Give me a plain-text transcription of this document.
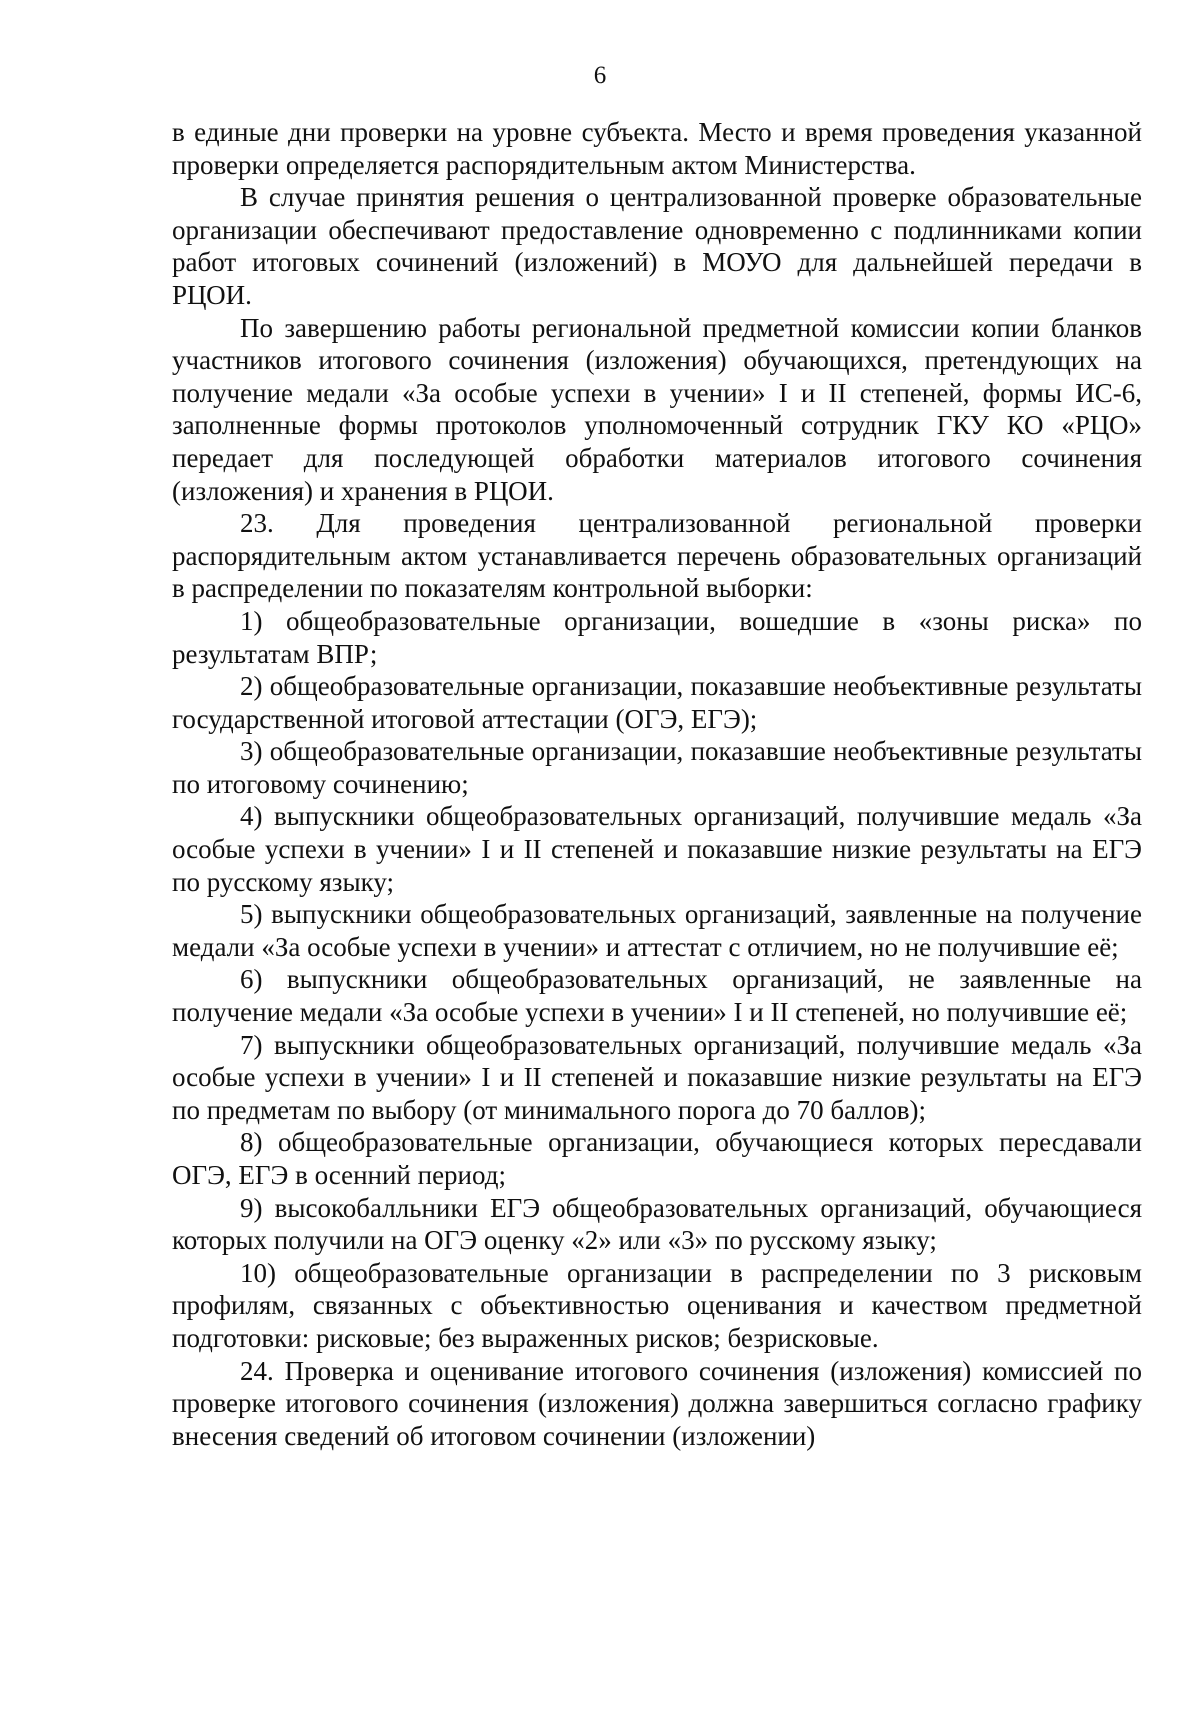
6

в единые дни проверки на уровне субъекта. Место и время проведения указанной проверки определяется распорядительным актом Министерства.

В случае принятия решения о централизованной проверке образовательные организации обеспечивают предоставление одновременно с подлинниками копии работ итоговых сочинений (изложений) в МОУО для дальнейшей передачи в РЦОИ.

По завершению работы региональной предметной комиссии копии бланков участников итогового сочинения (изложения) обучающихся, претендующих на получение медали «За особые успехи в учении» I и II степеней, формы ИС-6, заполненные формы протоколов уполномоченный сотрудник ГКУ КО «РЦО» передает для последующей обработки материалов итогового сочинения (изложения) и хранения в РЦОИ.

23. Для проведения централизованной региональной проверки распорядительным актом устанавливается перечень образовательных организаций в распределении по показателям контрольной выборки:

1) общеобразовательные организации, вошедшие в «зоны риска» по результатам ВПР;

2) общеобразовательные организации, показавшие необъективные результаты государственной итоговой аттестации (ОГЭ, ЕГЭ);

3) общеобразовательные организации, показавшие необъективные результаты по итоговому сочинению;

4) выпускники общеобразовательных организаций, получившие медаль «За особые успехи в учении» I и II степеней и показавшие низкие результаты на ЕГЭ по русскому языку;

5) выпускники общеобразовательных организаций, заявленные на получение медали «За особые успехи в учении» и аттестат с отличием, но не получившие её;

6) выпускники общеобразовательных организаций, не заявленные на получение медали «За особые успехи в учении» I и II степеней, но получившие её;

7) выпускники общеобразовательных организаций, получившие медаль «За особые успехи в учении» I и II степеней и показавшие низкие результаты на ЕГЭ по предметам по выбору (от минимального порога до 70 баллов);

8) общеобразовательные организации, обучающиеся которых пересдавали ОГЭ, ЕГЭ в осенний период;

9) высокобалльники ЕГЭ общеобразовательных организаций, обучающиеся которых получили на ОГЭ оценку «2» или «3» по русскому языку;

10) общеобразовательные организации в распределении по 3 рисковым профилям, связанных с объективностью оценивания и качеством предметной подготовки: рисковые; без выраженных рисков; безрисковые.

24. Проверка и оценивание итогового сочинения (изложения) комиссией по проверке итогового сочинения (изложения) должна завершиться согласно графику внесения сведений об итоговом сочинении (изложении)
